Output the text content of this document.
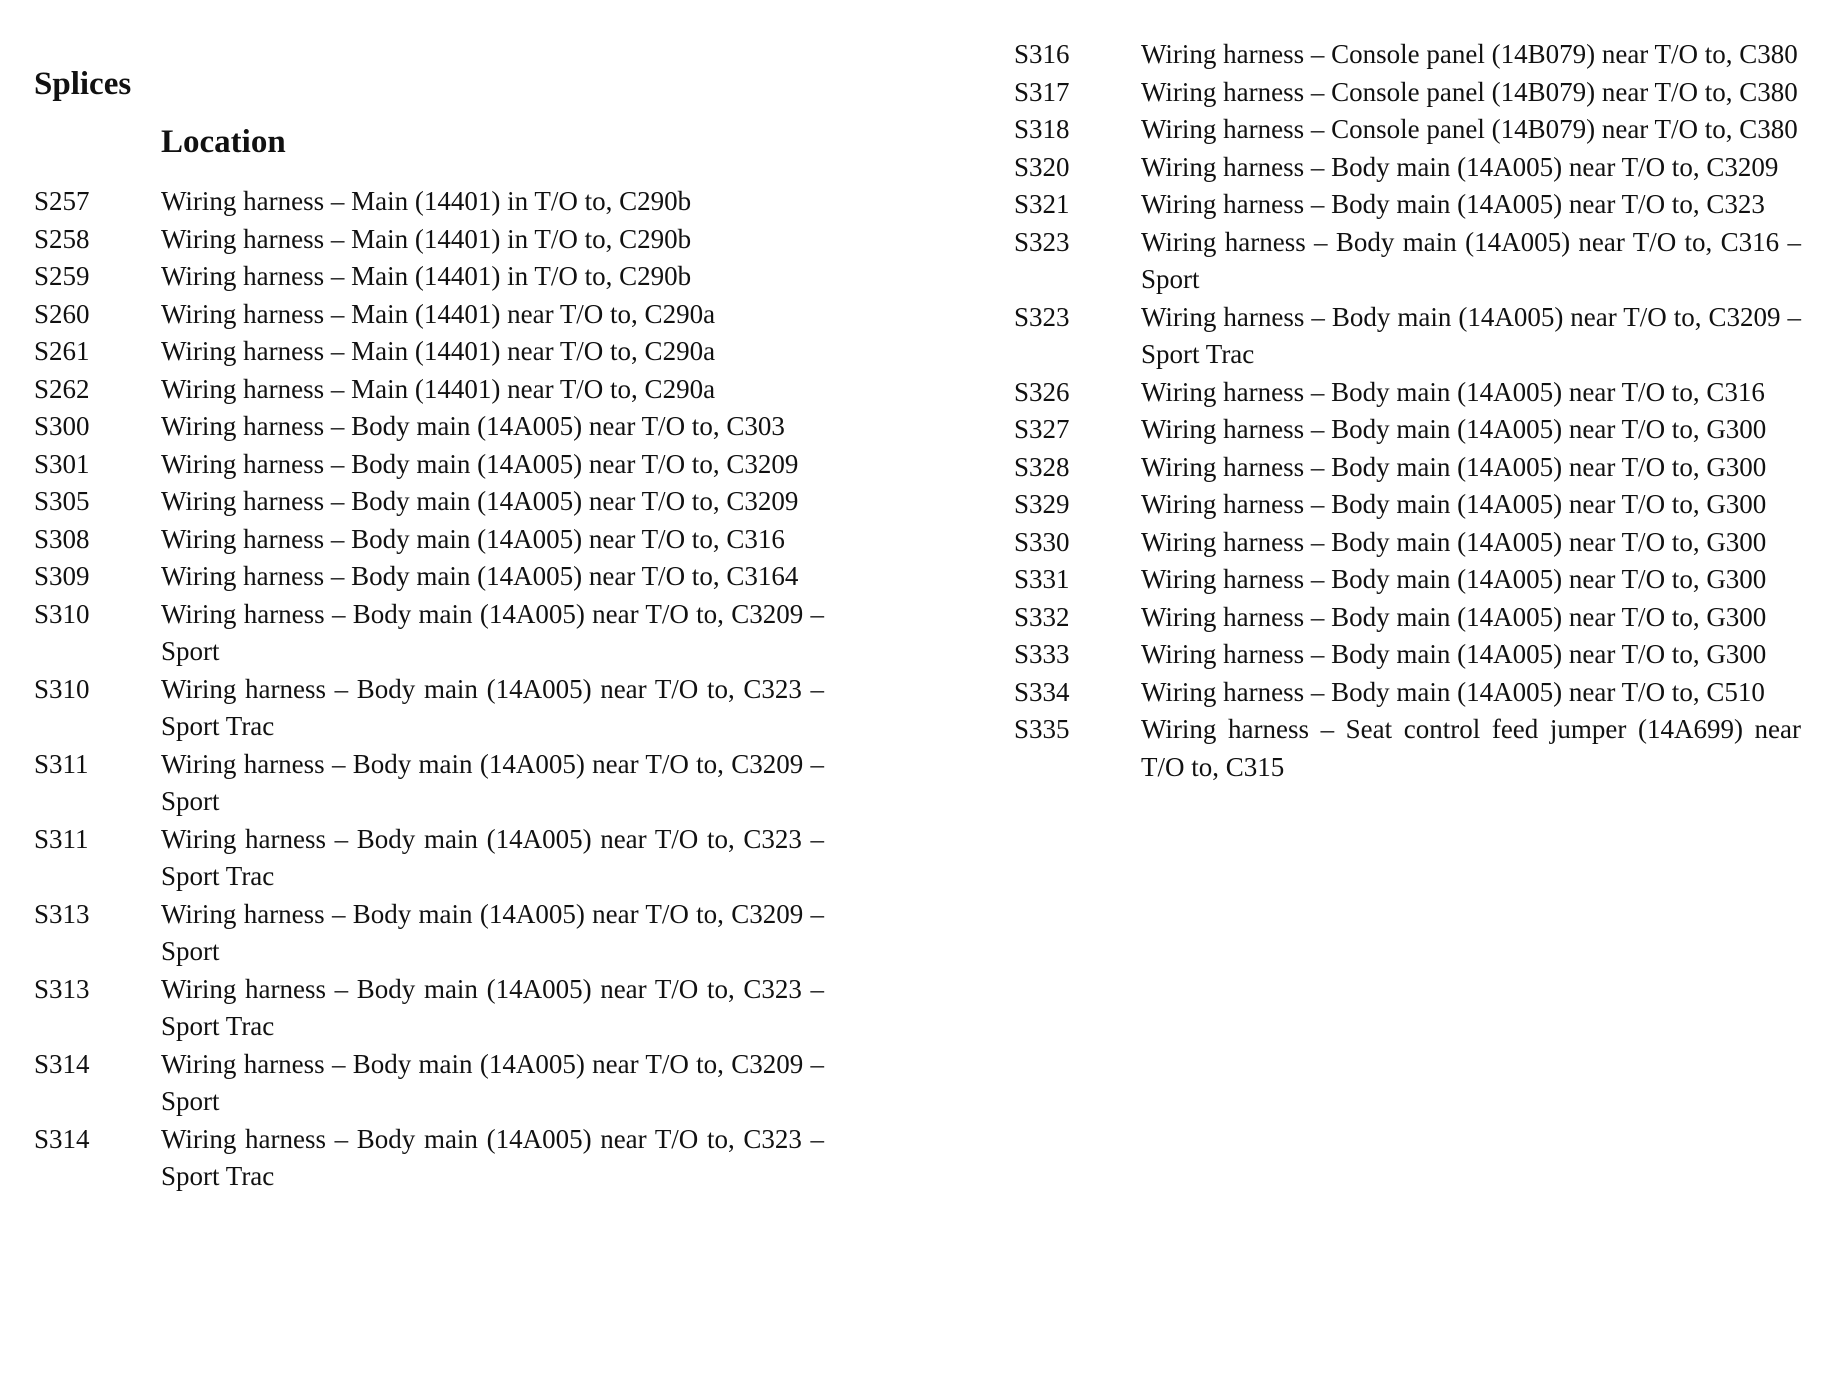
Splices
Location
S257	Wiring harness – Main (14401) in T/O to, C290b
S258	Wiring harness – Main (14401) in T/O to, C290b
S259	Wiring harness – Main (14401) in T/O to, C290b
S260	Wiring harness – Main (14401) near T/O to, C290a
S261	Wiring harness – Main (14401) near T/O to, C290a
S262	Wiring harness – Main (14401) near T/O to, C290a
S300	Wiring harness – Body main (14A005) near T/O to, C303
S301	Wiring harness – Body main (14A005) near T/O to, C3209
S305	Wiring harness – Body main (14A005) near T/O to, C3209
S308	Wiring harness – Body main (14A005) near T/O to, C316
S309	Wiring harness – Body main (14A005) near T/O to, C3164
S310	Wiring harness – Body main (14A005) near T/O to, C3209 – Sport
S310	Wiring harness – Body main (14A005) near T/O to, C323 – Sport Trac
S311	Wiring harness – Body main (14A005) near T/O to, C3209 – Sport
S311	Wiring harness – Body main (14A005) near T/O to, C323 – Sport Trac
S313	Wiring harness – Body main (14A005) near T/O to, C3209 – Sport
S313	Wiring harness – Body main (14A005) near T/O to, C323 – Sport Trac
S314	Wiring harness – Body main (14A005) near T/O to, C3209 – Sport
S314	Wiring harness – Body main (14A005) near T/O to, C323 – Sport Trac
S316	Wiring harness – Console panel (14B079) near T/O to, C380
S317	Wiring harness – Console panel (14B079) near T/O to, C380
S318	Wiring harness – Console panel (14B079) near T/O to, C380
S320	Wiring harness – Body main (14A005) near T/O to, C3209
S321	Wiring harness – Body main (14A005) near T/O to, C323
S323	Wiring harness – Body main (14A005) near T/O to, C316 – Sport
S323	Wiring harness – Body main (14A005) near T/O to, C3209 – Sport Trac
S326	Wiring harness – Body main (14A005) near T/O to, C316
S327	Wiring harness – Body main (14A005) near T/O to, G300
S328	Wiring harness – Body main (14A005) near T/O to, G300
S329	Wiring harness – Body main (14A005) near T/O to, G300
S330	Wiring harness – Body main (14A005) near T/O to, G300
S331	Wiring harness – Body main (14A005) near T/O to, G300
S332	Wiring harness – Body main (14A005) near T/O to, G300
S333	Wiring harness – Body main (14A005) near T/O to, G300
S334	Wiring harness – Body main (14A005) near T/O to, C510
S335	Wiring harness – Seat control feed jumper (14A699) near T/O to, C315
